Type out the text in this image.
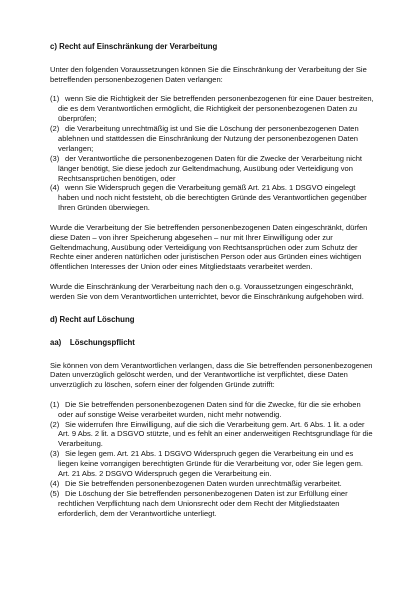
c) Recht auf Einschränkung der Verarbeitung

Unter den folgenden Voraussetzungen können Sie die Einschränkung der Verarbeitung der Sie betreffenden personenbezogenen Daten verlangen:

(1) wenn Sie die Richtigkeit der Sie betreffenden personenbezogenen für eine Dauer bestreiten, die es dem Verantwortlichen ermöglicht, die Richtigkeit der personenbezogenen Daten zu überprüfen;
(2) die Verarbeitung unrechtmäßig ist und Sie die Löschung der personenbezogenen Daten ablehnen und stattdessen die Einschränkung der Nutzung der personenbezogenen Daten verlangen;
(3) der Verantwortliche die personenbezogenen Daten für die Zwecke der Verarbeitung nicht länger benötigt, Sie diese jedoch zur Geltendmachung, Ausübung oder Verteidigung von Rechtsansprüchen benötigen, oder
(4) wenn Sie Widerspruch gegen die Verarbeitung gemäß Art. 21 Abs. 1 DSGVO eingelegt haben und noch nicht feststeht, ob die berechtigten Gründe des Verantwortlichen gegenüber Ihren Gründen überwiegen.

Wurde die Verarbeitung der Sie betreffenden personenbezogenen Daten eingeschränkt, dürfen diese Daten – von ihrer Speicherung abgesehen – nur mit Ihrer Einwilligung oder zur Geltendmachung, Ausübung oder Verteidigung von Rechtsansprüchen oder zum Schutz der Rechte einer anderen natürlichen oder juristischen Person oder aus Gründen eines wichtigen öffentlichen Interesses der Union oder eines Mitgliedstaats verarbeitet werden.

Wurde die Einschränkung der Verarbeitung nach den o.g. Voraussetzungen eingeschränkt, werden Sie von dem Verantwortlichen unterrichtet, bevor die Einschränkung aufgehoben wird.

d) Recht auf Löschung
aa)    Löschungspflicht

Sie können von dem Verantwortlichen verlangen, dass die Sie betreffenden personenbezogenen Daten unverzüglich gelöscht werden, und der Verantwortliche ist verpflichtet, diese Daten unverzüglich zu löschen, sofern einer der folgenden Gründe zutrifft:

(1) Die Sie betreffenden personenbezogenen Daten sind für die Zwecke, für die sie erhoben oder auf sonstige Weise verarbeitet wurden, nicht mehr notwendig.
(2) Sie widerrufen Ihre Einwilligung, auf die sich die Verarbeitung gem. Art. 6 Abs. 1 lit. a oder Art. 9 Abs. 2 lit. a DSGVO stützte, und es fehlt an einer anderweitigen Rechtsgrundlage für die Verarbeitung.
(3) Sie legen gem. Art. 21 Abs. 1 DSGVO Widerspruch gegen die Verarbeitung ein und es liegen keine vorrangigen berechtigten Gründe für die Verarbeitung vor, oder Sie legen gem. Art. 21 Abs. 2 DSGVO Widerspruch gegen die Verarbeitung ein.
(4) Die Sie betreffenden personenbezogenen Daten wurden unrechtmäßig verarbeitet.
(5) Die Löschung der Sie betreffenden personenbezogenen Daten ist zur Erfüllung einer rechtlichen Verpflichtung nach dem Unionsrecht oder dem Recht der Mitgliedstaaten erforderlich, dem der Verantwortliche unterliegt.
